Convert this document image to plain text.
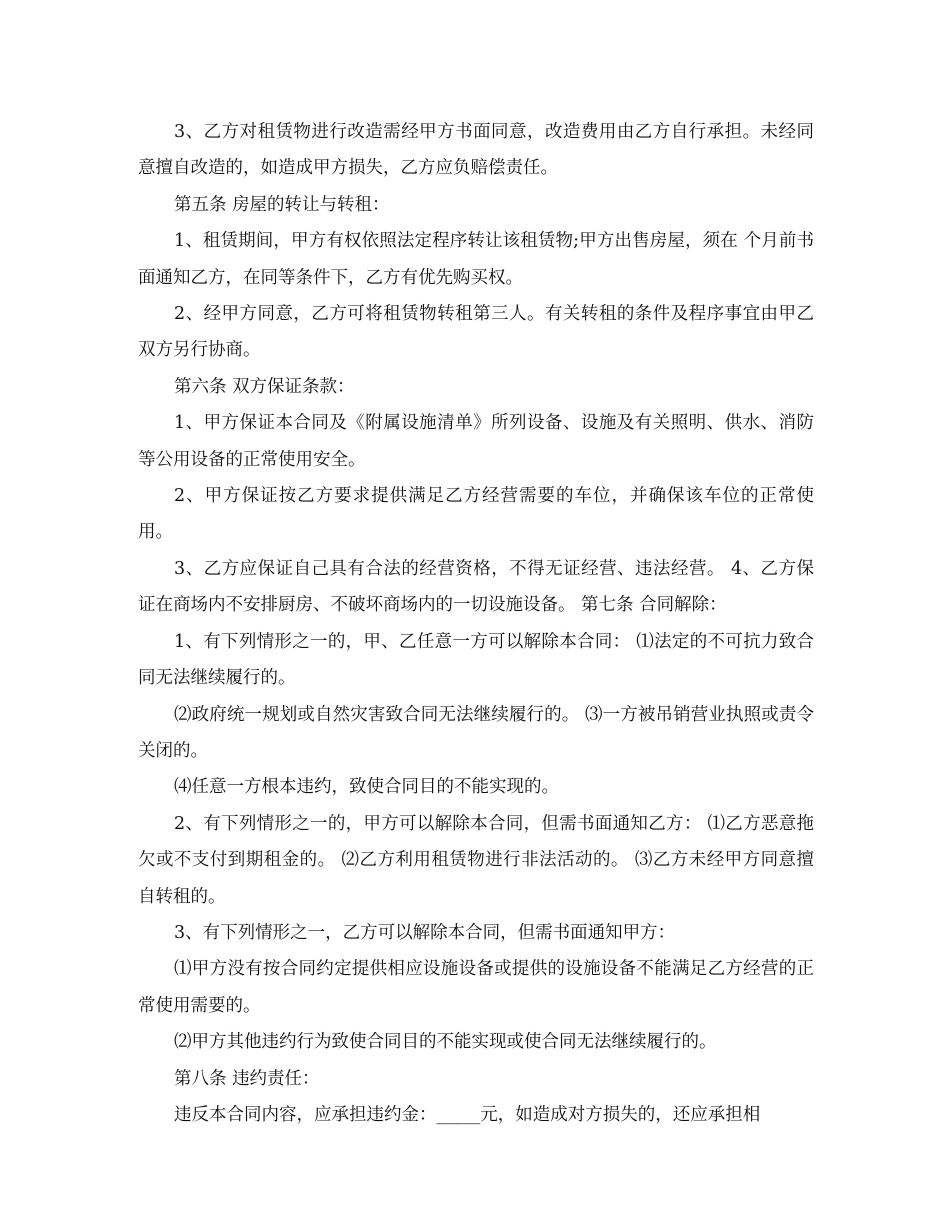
3、乙方对租赁物进行改造需经甲方书面同意，改造费用由乙方自行承担。未经同意擅自改造的，如造成甲方损失，乙方应负赔偿责任。

第五条 房屋的转让与转租：

1、租赁期间，甲方有权依照法定程序转让该租赁物;甲方出售房屋，须在 个月前书面通知乙方，在同等条件下，乙方有优先购买权。

2、经甲方同意，乙方可将租赁物转租第三人。有关转租的条件及程序事宜由甲乙双方另行协商。

第六条 双方保证条款：

1、甲方保证本合同及《附属设施清单》所列设备、设施及有关照明、供水、消防等公用设备的正常使用安全。

2、甲方保证按乙方要求提供满足乙方经营需要的车位，并确保该车位的正常使用。

3、乙方应保证自己具有合法的经营资格，不得无证经营、违法经营。 4、乙方保证在商场内不安排厨房、不破坏商场内的一切设施设备。 第七条 合同解除：

1、有下列情形之一的，甲、乙任意一方可以解除本合同： ⑴法定的不可抗力致合同无法继续履行的。

⑵政府统一规划或自然灾害致合同无法继续履行的。 ⑶一方被吊销营业执照或责令关闭的。

⑷任意一方根本违约，致使合同目的不能实现的。

2、有下列情形之一的，甲方可以解除本合同，但需书面通知乙方： ⑴乙方恶意拖欠或不支付到期租金的。 ⑵乙方利用租赁物进行非法活动的。 ⑶乙方未经甲方同意擅自转租的。

3、有下列情形之一，乙方可以解除本合同，但需书面通知甲方：

⑴甲方没有按合同约定提供相应设施设备或提供的设施设备不能满足乙方经营的正常使用需要的。

⑵甲方其他违约行为致使合同目的不能实现或使合同无法继续履行的。

第八条 违约责任：

违反本合同内容，应承担违约金：_____元，如造成对方损失的，还应承担相
